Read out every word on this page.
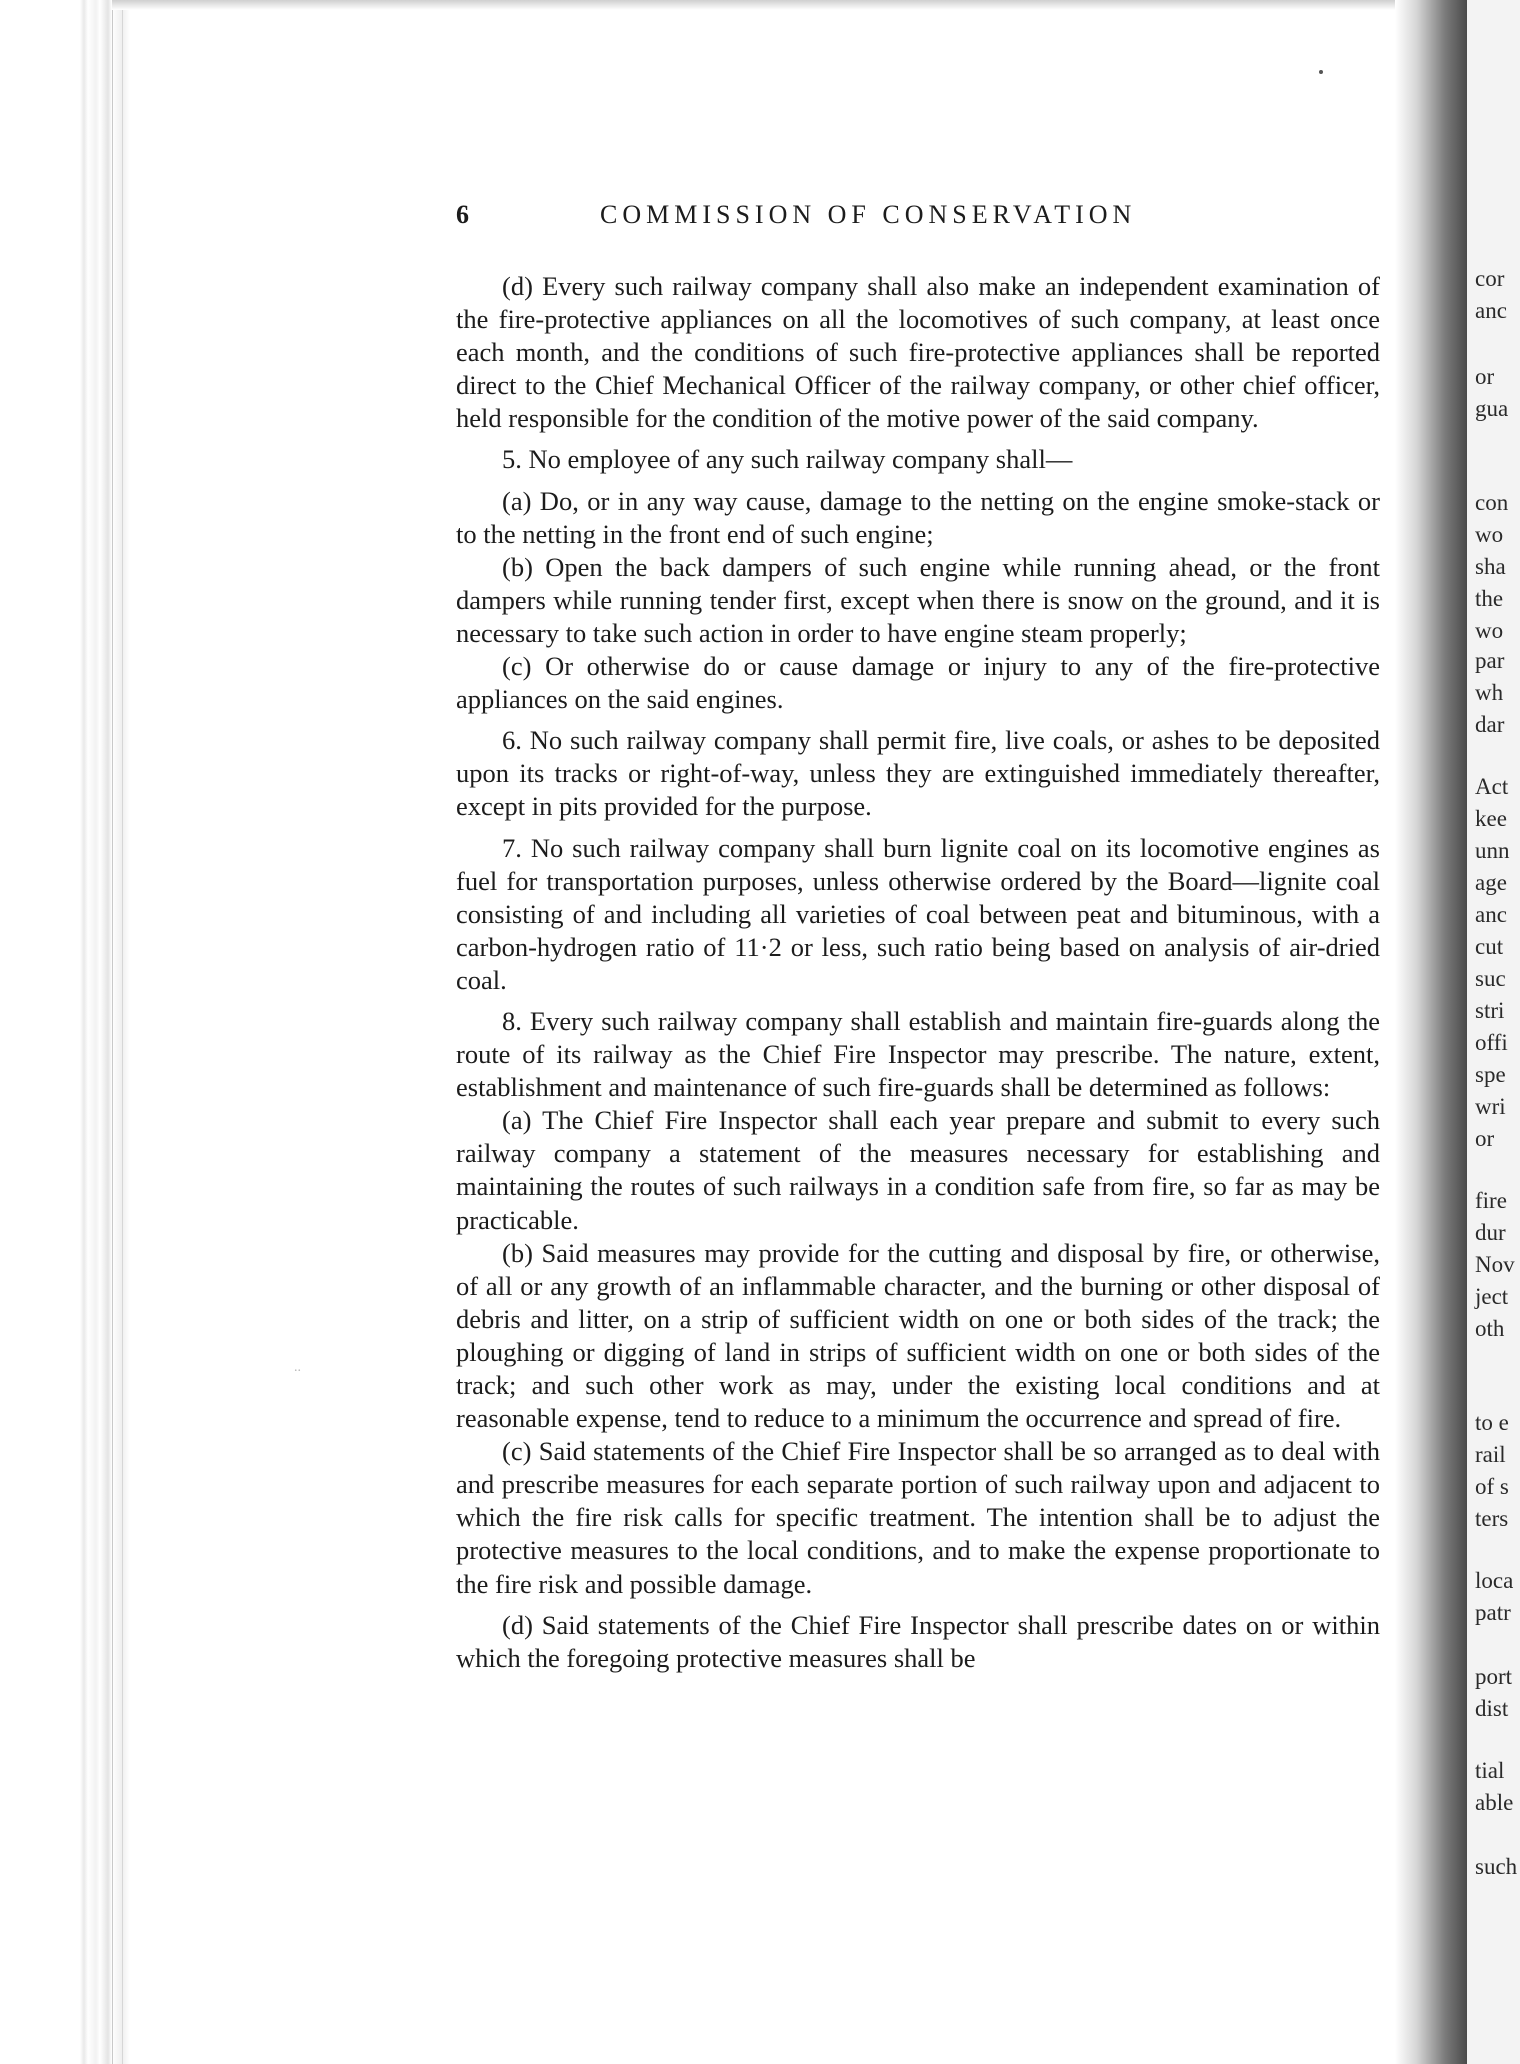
..
6	COMMISSION OF CONSERVATION

(d) Every such railway company shall also make an independent examination of the fire-protective appliances on all the locomotives of such company, at least once each month, and the conditions of such fire-protective appliances shall be reported direct to the Chief Mechanical Officer of the railway company, or other chief officer, held responsible for the condition of the motive power of the said company.

5. No employee of any such railway company shall—

(a) Do, or in any way cause, damage to the netting on the engine smoke-stack or to the netting in the front end of such engine;

(b) Open the back dampers of such engine while running ahead, or the front dampers while running tender first, except when there is snow on the ground, and it is necessary to take such action in order to have engine steam properly;

(c) Or otherwise do or cause damage or injury to any of the fire-protective appliances on the said engines.

6. No such railway company shall permit fire, live coals, or ashes to be deposited upon its tracks or right-of-way, unless they are extinguished immediately thereafter, except in pits provided for the purpose.

7. No such railway company shall burn lignite coal on its locomotive engines as fuel for transportation purposes, unless otherwise ordered by the Board—lignite coal consisting of and including all varieties of coal between peat and bituminous, with a carbon-hydrogen ratio of 11·2 or less, such ratio being based on analysis of air-dried coal.

8. Every such railway company shall establish and maintain fire-guards along the route of its railway as the Chief Fire Inspector may prescribe. The nature, extent, establishment and maintenance of such fire-guards shall be determined as follows:

(a) The Chief Fire Inspector shall each year prepare and submit to every such railway company a statement of the measures necessary for establishing and maintaining the routes of such railways in a condition safe from fire, so far as may be practicable.

(b) Said measures may provide for the cutting and disposal by fire, or otherwise, of all or any growth of an inflammable character, and the burning or other disposal of debris and litter, on a strip of sufficient width on one or both sides of the track; the ploughing or digging of land in strips of sufficient width on one or both sides of the track; and such other work as may, under the existing local conditions and at reasonable expense, tend to reduce to a minimum the occurrence and spread of fire.

(c) Said statements of the Chief Fire Inspector shall be so arranged as to deal with and prescribe measures for each separate portion of such railway upon and adjacent to which the fire risk calls for specific treatment. The intention shall be to adjust the protective measures to the local conditions, and to make the expense proportionate to the fire risk and possible damage.

(d) Said statements of the Chief Fire Inspector shall prescribe dates on or within which the foregoing protective measures shall be

cor
anc
or
gua
con
wo
sha
the
wo
par
wh
dar
Act
kee
unn
age
anc
cut
suc
stri
offi
spe
wri
or
fire
dur
Nov
ject
oth
to e
rail
of s
ters
loca
patr
port
dist
tial
able
such
